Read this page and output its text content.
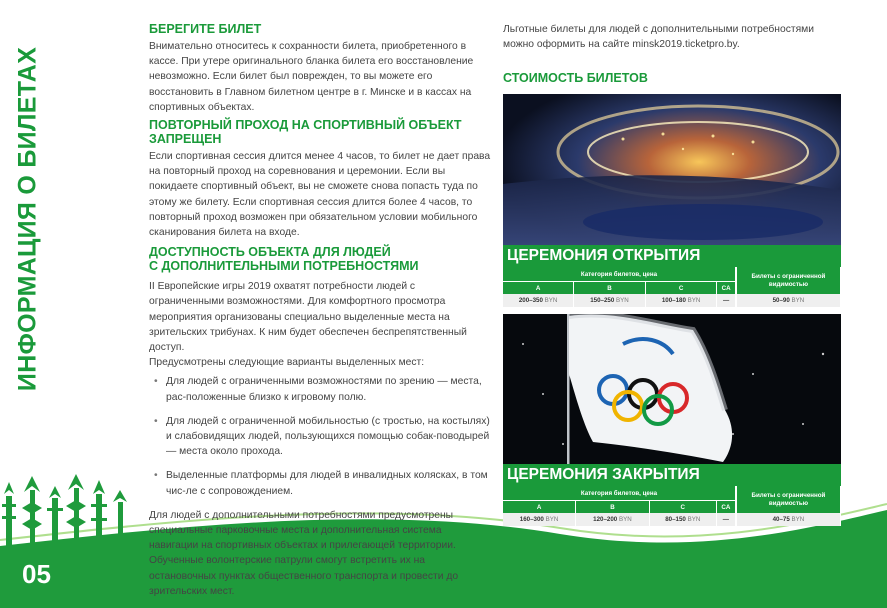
ИНФОРМАЦИЯ О БИЛЕТАХ
05
БЕРЕГИТЕ БИЛЕТ

Внимательно относитесь к сохранности билета, приобретенного в кассе. При утере оригинального бланка билета его восстановление невозможно. Если билет был поврежден, то вы можете его восстановить в Главном билетном центре в г. Минске и в кассах на спортивных объектах.

ПОВТОРНЫЙ ПРОХОД НА СПОРТИВНЫЙ ОБЪЕКТ ЗАПРЕЩЕН

Если спортивная сессия длится менее 4 часов, то билет не дает права на повторный проход на соревнования и церемонии. Если вы покидаете спортивный объект, вы не сможете снова попасть туда по этому же билету. Если спортивная сессия длится более 4 часов, то повторный проход возможен при обязательном условии мобильного сканирования билета на входе.

ДОСТУПНОСТЬ ОБЪЕКТА ДЛЯ ЛЮДЕЙ
С ДОПОЛНИТЕЛЬНЫМИ ПОТРЕБНОСТЯМИ

II Европейские игры 2019 охватят потребности людей с ограниченными возможностями. Для комфортного просмотра мероприятия организованы специально выделенные места на зрительских трибунах. К ним будет обеспечен беспрепятственный доступ.

Предусмотрены следующие варианты выделенных мест:

• Для людей с ограниченными возможностями по зрению — места, рас-положенные близко к игровому полю.
• Для людей с ограниченной мобильностью (с тростью, на костылях) и слабовидящих людей, пользующихся помощью собак-поводырей — места около прохода.
• Выделенные платформы для людей в инвалидных колясках, в том чис-ле с сопровождением.

Для людей с дополнительными потребностями предусмотрены специальные парковочные места и дополнительная система навигации на спортивных объектах и прилегающей территории. Обученные волонтерские патрули смогут встретить их на остановочных пунктах общественного транспорта и провести до зрительских мест.

Льготные билеты для людей с дополнительными потребностями можно оформить на сайте minsk2019.ticketpro.by.

СТОИМОСТЬ БИЛЕТОВ
ЦЕРЕМОНИЯ ОТКРЫТИЯ
Категория билетов, цена				Билеты с ограниченной видимостью
A	B	C	CA	
200–350 BYN	150–250 BYN	100–180 BYN	—	50–90 BYN
ЦЕРЕМОНИЯ ЗАКРЫТИЯ
Категория билетов, цена				Билеты с ограниченной видимостью
A	B	C	CA	
160–300 BYN	120–200 BYN	80–150 BYN	—	40–75 BYN
